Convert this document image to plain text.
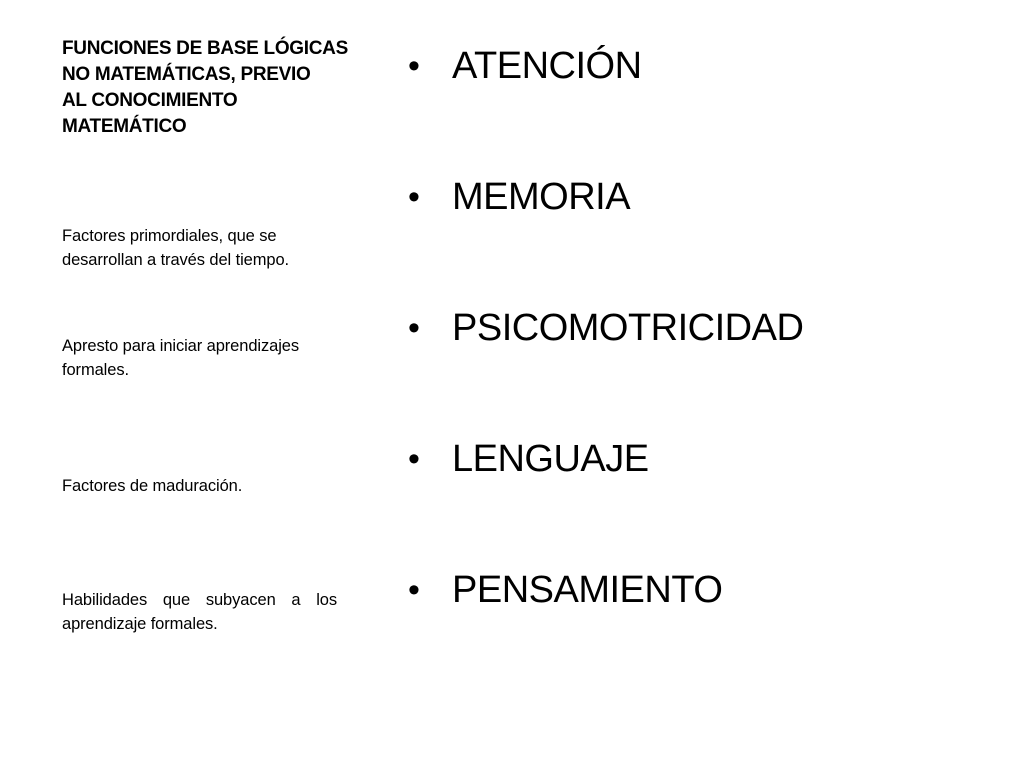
FUNCIONES DE BASE LÓGICAS
NO MATEMÁTICAS, PREVIO
AL CONOCIMIENTO
MATEMÁTICO
Factores primordiales, que se desarrollan a través del tiempo.
Apresto para iniciar aprendizajes formales.
Factores de maduración.
Habilidades que subyacen a los
aprendizaje formales.
• ATENCIÓN
• MEMORIA
• PSICOMOTRICIDAD
• LENGUAJE
• PENSAMIENTO
